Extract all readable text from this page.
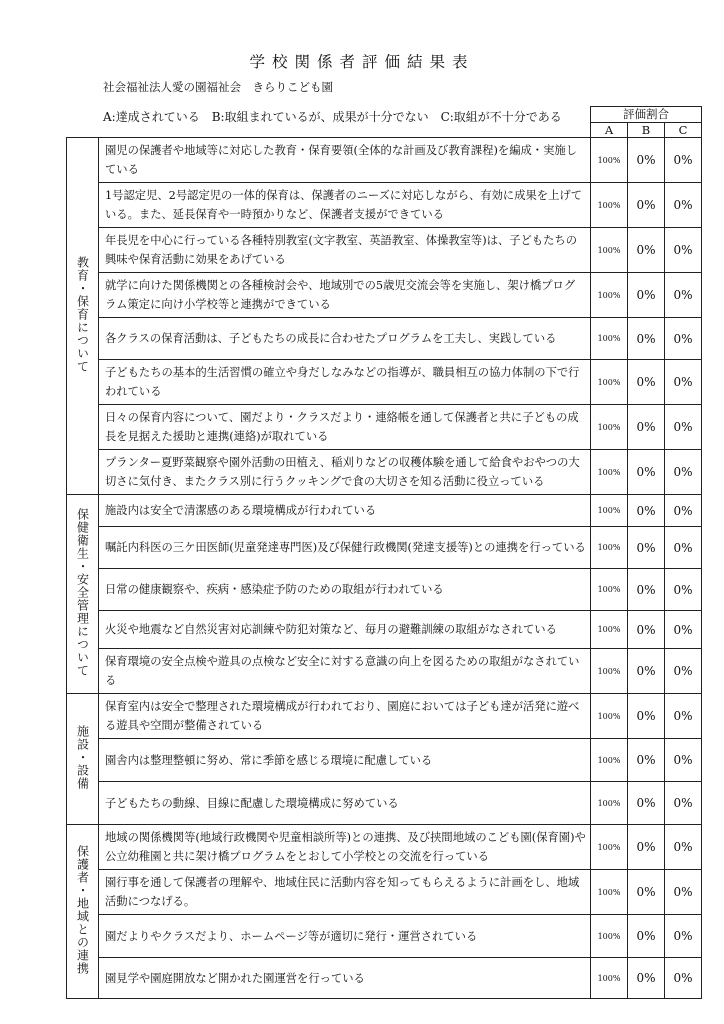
学校関係者評価結果表
社会福祉法人愛の園福祉会　きらりこども園
A:達成されている　B:取組まれているが、成果が十分でない　C:取組が不十分である
			評価割合		
		A	B	C
教育・保育について	園児の保護者や地域等に対応した教育・保育要領(全体的な計画及び教育課程)を編成・実施している	100%	0%	0%
	1号認定児、2号認定児の一体的保育は、保護者のニーズに対応しながら、有効に成果を上げている。また、延長保育や一時預かりなど、保護者支援ができている	100%	0%	0%
	年長児を中心に行っている各種特別教室(文字教室、英語教室、体操教室等)は、子どもたちの興味や保育活動に効果をあげている	100%	0%	0%
	就学に向けた関係機関との各種検討会や、地域別での5歳児交流会等を実施し、架け橋プログラム策定に向け小学校等と連携ができている	100%	0%	0%
	各クラスの保育活動は、子どもたちの成長に合わせたプログラムを工夫し、実践している	100%	0%	0%
	子どもたちの基本的生活習慣の確立や身だしなみなどの指導が、職員相互の協力体制の下で行われている	100%	0%	0%
	日々の保育内容について、園だより・クラスだより・連絡帳を通して保護者と共に子どもの成長を見据えた援助と連携(連絡)が取れている	100%	0%	0%
	プランター夏野菜観察や園外活動の田植え、稲刈りなどの収穫体験を通して給食やおやつの大切さに気付き、またクラス別に行うクッキングで食の大切さを知る活動に役立っている	100%	0%	0%
保健衛生・安全管理について	施設内は安全で清潔感のある環境構成が行われている	100%	0%	0%
	嘱託内科医の三ケ田医師(児童発達専門医)及び保健行政機関(発達支援等)との連携を行っている	100%	0%	0%
	日常の健康観察や、疾病・感染症予防のための取組が行われている	100%	0%	0%
	火災や地震など自然災害対応訓練や防犯対策など、毎月の避難訓練の取組がなされている	100%	0%	0%
	保育環境の安全点検や遊具の点検など安全に対する意識の向上を図るための取組がなされている	100%	0%	0%
施設・設備	保育室内は安全で整理された環境構成が行われており、園庭においては子ども達が活発に遊べる遊具や空間が整備されている	100%	0%	0%
	園舎内は整理整頓に努め、常に季節を感じる環境に配慮している	100%	0%	0%
	子どもたちの動線、目線に配慮した環境構成に努めている	100%	0%	0%
保護者・地域との連携	地域の関係機関等(地域行政機関や児童相談所等)との連携、及び挟間地域のこども園(保育園)や公立幼稚園と共に架け橋プログラムをとおして小学校との交流を行っている	100%	0%	0%
	園行事を通して保護者の理解や、地域住民に活動内容を知ってもらえるように計画をし、地域活動につなげる。	100%	0%	0%
	園だよりやクラスだより、ホームページ等が適切に発行・運営されている	100%	0%	0%
	園見学や園庭開放など開かれた園運営を行っている	100%	0%	0%
